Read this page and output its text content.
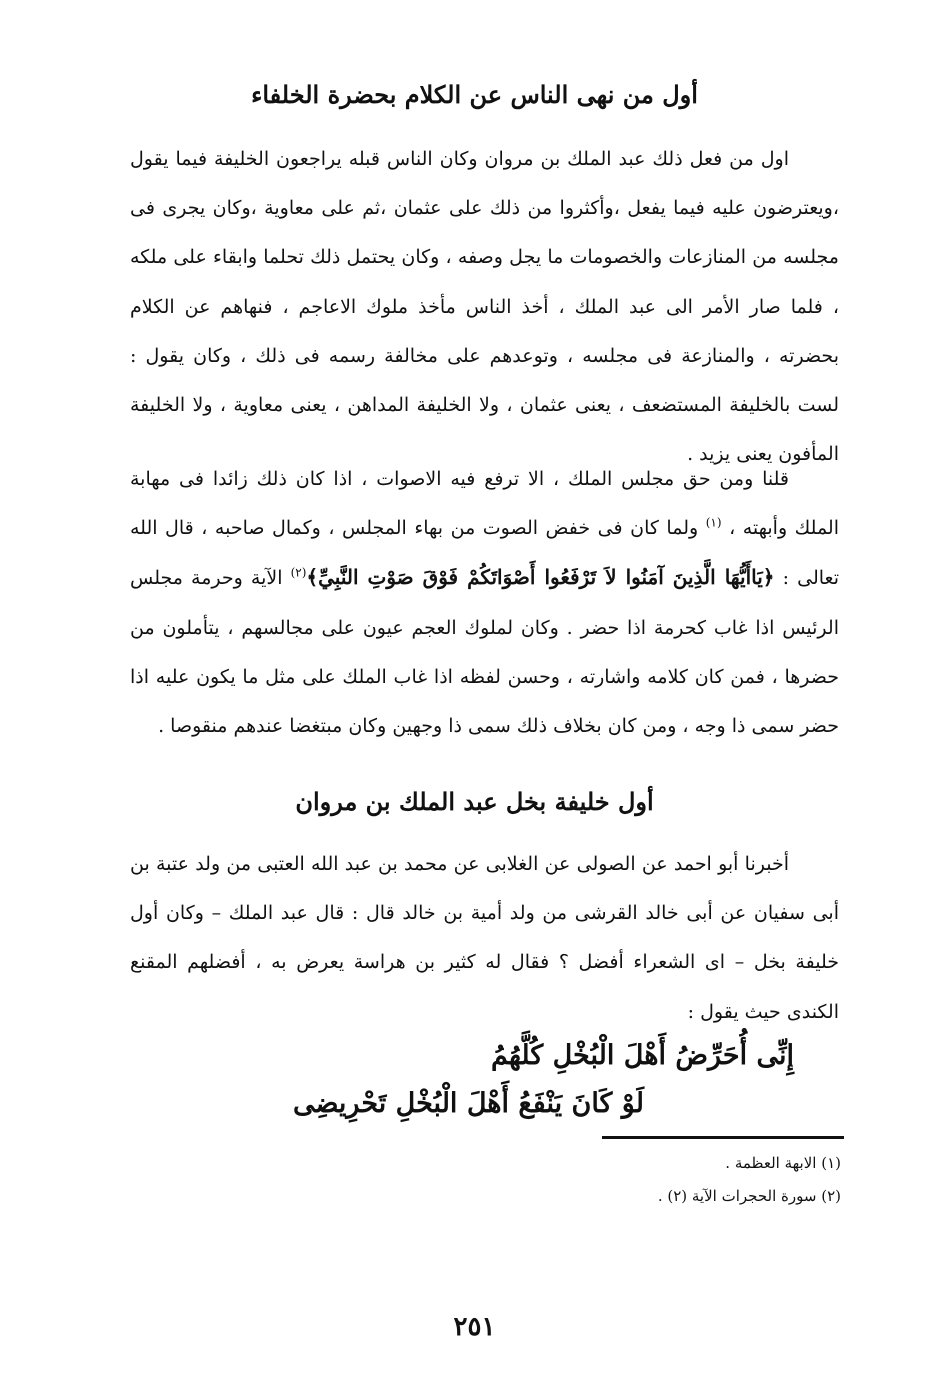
أول من نهى الناس عن الكلام بحضرة الخلفاء

اول من فعل ذلك عبد الملك بن مروان وكان الناس قبله يراجعون الخليفة فيما يقول ،ويعترضون عليه فيما يفعل ،وأكثروا من ذلك على عثمان ،ثم على معاوية ،وكان يجرى فى مجلسه من المنازعات والخصومات ما يجل وصفه ، وكان يحتمل ذلك تحلما وابقاء على ملكه ، فلما صار الأمر الى عبد الملك ، أخذ الناس مأخذ ملوك الاعاجم ، فنهاهم عن الكلام بحضرته ، والمنازعة فى مجلسه ، وتوعدهم على مخالفة رسمه فى ذلك ، وكان يقول : لست بالخليفة المستضعف ، يعنى عثمان ، ولا الخليفة المداهن ، يعنى معاوية ، ولا الخليفة المأفون يعنى يزيد .

قلنا ومن حق مجلس الملك ، الا ترفع فيه الاصوات ، اذا كان ذلك زائدا فى مهابة الملك وأبهته ، $^{(١)}$ ولما كان فى خفض الصوت من بهاء المجلس ، وكمال صاحبه ، قال الله تعالى : ﴿يَاأَيُّهَا الَّذِينَ آمَنُوا لاَ تَرْفَعُوا أَصْوَاتَكُمْ فَوْقَ صَوْتِ النَّبِيِّ﴾$^{(٢)}$ الآية وحرمة مجلس الرئيس اذا غاب كحرمة اذا حضر . وكان لملوك العجم عيون على مجالسهم ، يتأملون من حضرها ، فمن كان كلامه واشارته ، وحسن لفظه اذا غاب الملك على مثل ما يكون عليه اذا حضر سمى ذا وجه ، ومن كان بخلاف ذلك سمى ذا وجهين وكان مبتغضا عندهم منقوصا .

أول خليفة بخل عبد الملك بن مروان

أخبرنا أبو احمد عن الصولى عن الغلابى عن محمد بن عبد الله العتبى من ولد عتبة بن أبى سفيان عن أبى خالد القرشى من ولد أمية بن خالد قال : قال عبد الملك – وكان أول خليفة بخل – اى الشعراء أفضل ؟ فقال له كثير بن هراسة يعرض به ، أفضلهم المقنع الكندى حيث يقول :

إِنِّى أُحَرِّضُ أَهْلَ الْبُخْلِ كُلَّهُمُ

لَوْ كَانَ يَنْفَعُ أَهْلَ الْبُخْلِ تَحْرِيضِى

(١) الابهة العظمة .

(٢) سورة الحجرات الآية (٢) .

٢٥١
